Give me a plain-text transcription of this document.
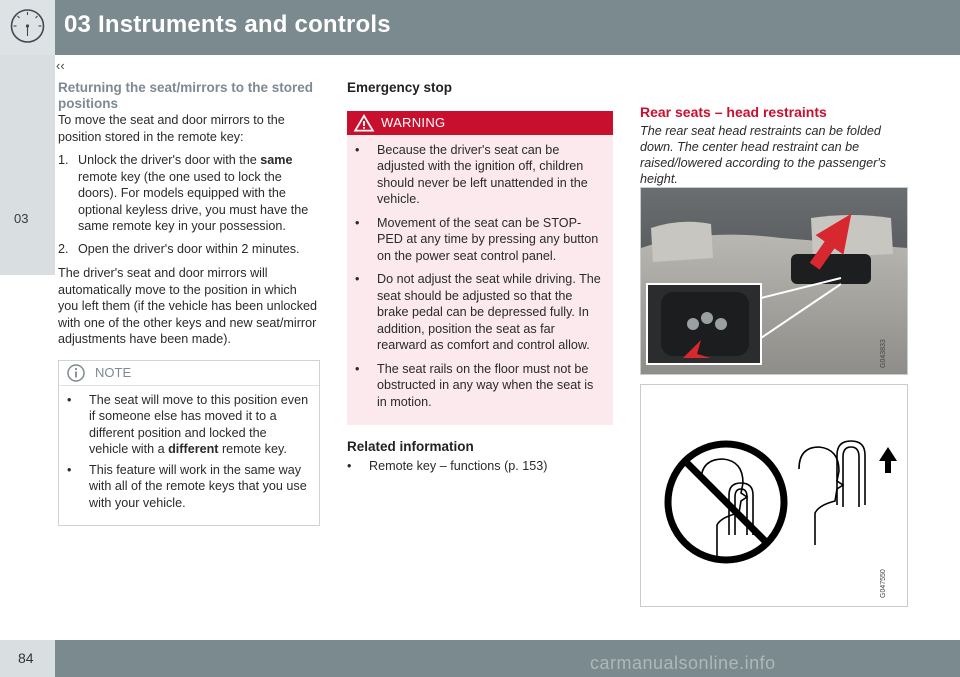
03 Instruments and controls
03
‹‹
Returning the seat/mirrors to the stored positions

To move the seat and door mirrors to the position stored in the remote key:

1. Unlock the driver's door with the same remote key (the one used to lock the doors). For models equipped with the optional keyless drive, you must have the same remote key in your possession.
2. Open the driver's door within 2 minutes.

The driver's seat and door mirrors will automatically move to the position in which you left them (if the vehicle has been unlocked with one of the other keys and new seat/mirror adjustments have been made).

NOTE
• The seat will move to this position even if someone else has moved it to a different position and locked the vehicle with a different remote key.
• This feature will work in the same way with all of the remote keys that you use with your vehicle.
Emergency stop
WARNING
• Because the driver's seat can be adjusted with the ignition off, children should never be left unattended in the vehicle.
• Movement of the seat can be STOP-PED at any time by pressing any button on the power seat control panel.
• Do not adjust the seat while driving. The seat should be adjusted so that the brake pedal can be depressed fully. In addition, position the seat as far rearward as comfort and control allow.
• The seat rails on the floor must not be obstructed in any way when the seat is in motion.
Related information
• Remote key – functions (p. 153)
Rear seats – head restraints

The rear seat head restraints can be folded down. The center head restraint can be raised/lowered according to the passenger's height.

G043833
G047550
84	carmanualsonline.info
